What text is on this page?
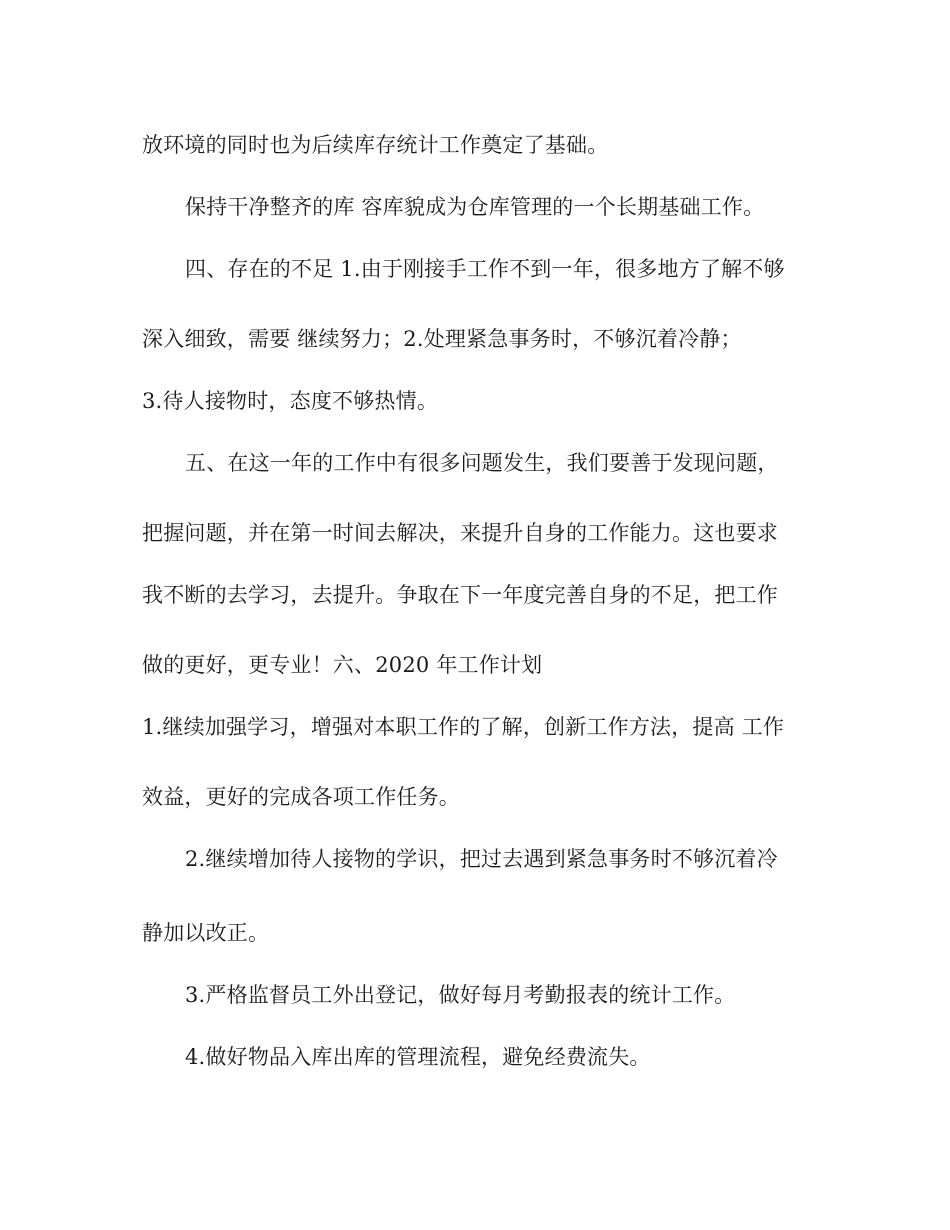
放环境的同时也为后续库存统计工作奠定了基础。
保持干净整齐的库 容库貌成为仓库管理的一个长期基础工作。
四、存在的不足 1.由于刚接手工作不到一年，很多地方了解不够
深入细致，需要 继续努力；2.处理紧急事务时，不够沉着冷静；
3.待人接物时，态度不够热情。
五、在这一年的工作中有很多问题发生，我们要善于发现问题，
把握问题，并在第一时间去解决，来提升自身的工作能力。这也要求
我不断的去学习，去提升。争取在下一年度完善自身的不足，把工作
做的更好，更专业！六、2020 年工作计划
1.继续加强学习，增强对本职工作的了解，创新工作方法，提高 工作
效益，更好的完成各项工作任务。
2.继续增加待人接物的学识，把过去遇到紧急事务时不够沉着冷
静加以改正。
3.严格监督员工外出登记，做好每月考勤报表的统计工作。
4.做好物品入库出库的管理流程，避免经费流失。
